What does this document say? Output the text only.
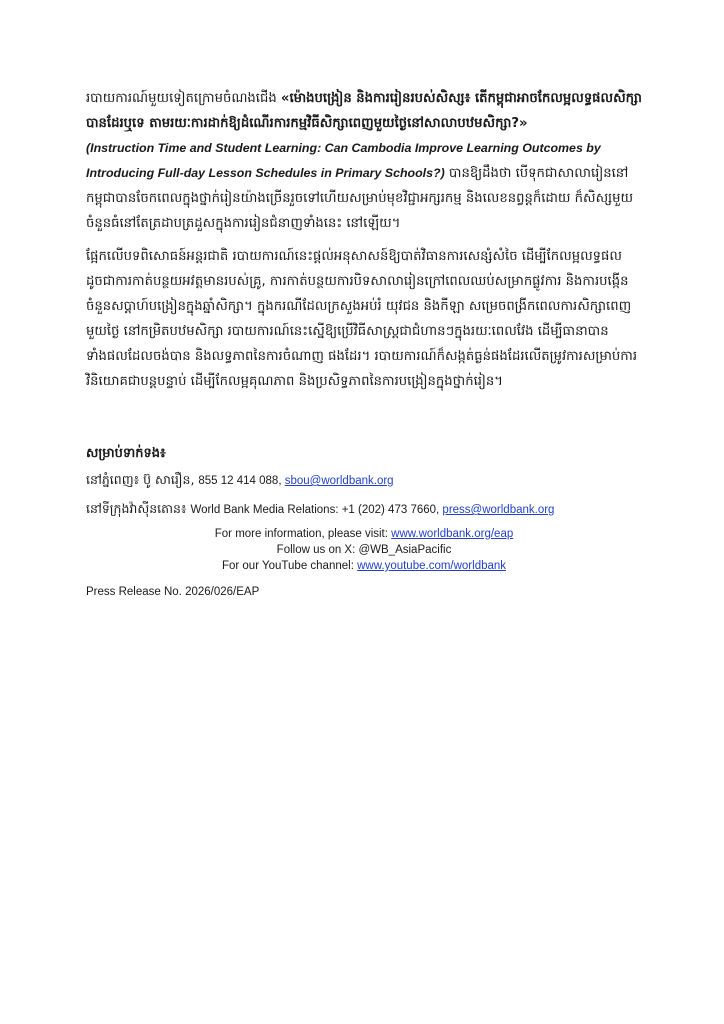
របាយការណ៍មួយទៀតក្រោមចំណងជើង «ម៉ោងបង្រៀន និងការរៀនរបស់សិស្ស៖ តើកម្ពុជាអាចកែលម្អលទ្ធផលសិក្សាបានដែរឬទេ តាមរយៈការដាក់ឱ្យដំណើរការកម្មវិធីសិក្សាពេញមួយថ្ងៃនៅសាលាបឋមសិក្សា?»
(Instruction Time and Student Learning: Can Cambodia Improve Learning Outcomes by Introducing Full-day Lesson Schedules in Primary Schools?) បានឱ្យដឹងថា បើទុកជាសាលារៀននៅកម្ពុជាបានចែកពេលក្នុងថ្នាក់រៀនយ៉ាងច្រើនរួចទៅហើយសម្រាប់មុខវិជ្ជាអក្សរកម្ម និងលេខនព្វន្តក៏ដោយ ក៏សិស្សមួយចំនួនធំនៅតែត្រដាបត្រដួសក្នុងការរៀនជំនាញទាំងនេះ នៅឡើយ។

ផ្អែកលើបទពិសោធន៍អន្តរជាតិ របាយការណ៍នេះផ្តល់អនុសាសន៍ឱ្យបាត់វិធានការសេន្សំសំចៃ ដើម្បីកែលម្អលទ្ធផល ដូចជាការកាត់បន្ថយអវត្តមានរបស់គ្រូ, ការកាត់បន្ថយការបិទសាលារៀនក្រៅពេលឈប់សម្រាកផ្លូវការ និងការបង្កើនចំនួនសប្តាហ៍បង្រៀនក្នុងឆ្នាំសិក្សា។ ក្នុងករណីដែលក្រសួងអប់រំ យុវជន និងកីឡា សម្រេចពង្រីកពេលការសិក្សាពេញមួយថ្ងៃ នៅកម្រិតបឋមសិក្សា របាយការណ៍នេះស្នើឱ្យប្រើវិធីសាស្រ្តជាជំហានៗក្នុងរយៈពេលវែង ដើម្បីធានាបានទាំងផលដែលចង់បាន និងលទ្ធភាពនៃការចំណាញ ផងដែរ។ របាយការណ៍ក៏សង្កត់ធ្ងន់ផងដែរលើតម្រូវការសម្រាប់ការវិនិយោគជាបន្តបន្ទាប់ ដើម្បីកែលម្អគុណភាព និងប្រសិទ្ធភាពនៃការបង្រៀនក្នុងថ្នាក់រៀន។

សម្រាប់ទាក់ទង៖

នៅភ្នំពេញ៖ ប៊ូ សារឿន, 855 12 414 088, sbou@worldbank.org

នៅទីក្រុងវ៉ាស៊ីនតោន៖ World Bank Media Relations: +1 (202) 473 7660, press@worldbank.org

For more information, please visit: www.worldbank.org/eap
Follow us on X: @WB_AsiaPacific
For our YouTube channel: www.youtube.com/worldbank
Press Release No. 2026/026/EAP
